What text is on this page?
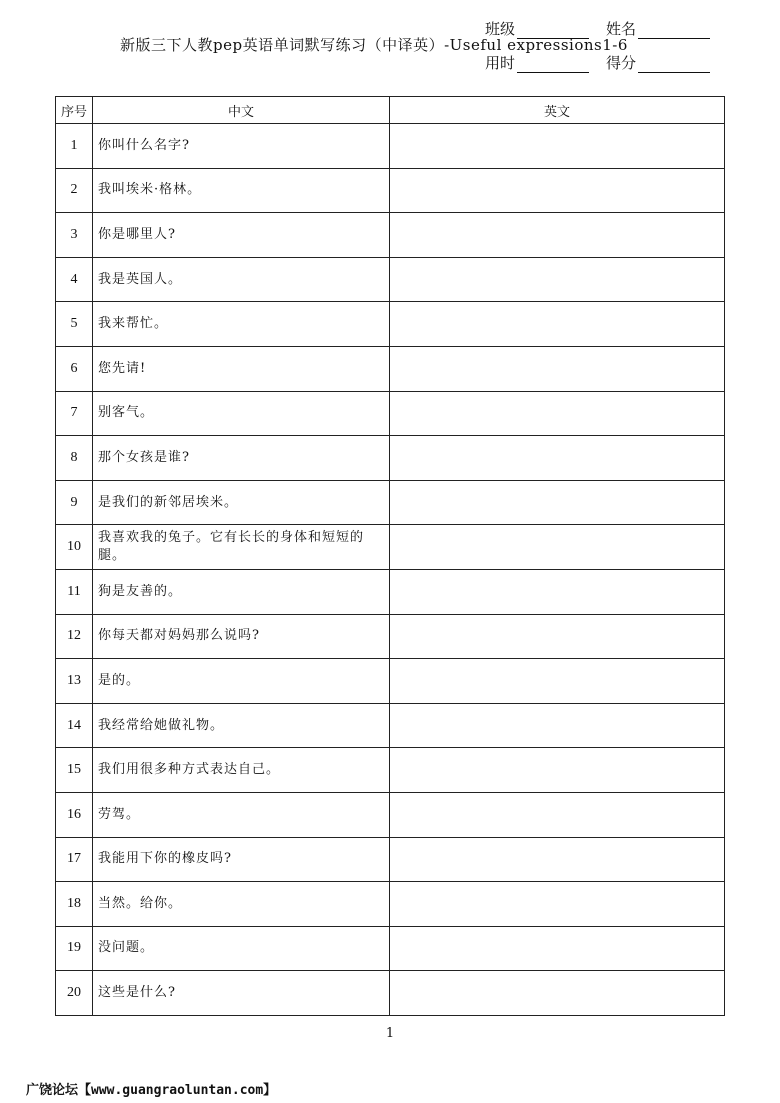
新版三下人教pep英语单词默写练习（中译英）-Useful expressions1-6
班级	姓名
用时	得分
序号	中文	英文
1	你叫什么名字?	
2	我叫埃米·格林。	
3	你是哪里人?	
4	我是英国人。	
5	我来帮忙。	
6	您先请!	
7	别客气。	
8	那个女孩是谁?	
9	是我们的新邻居埃米。	
10	我喜欢我的兔子。它有长长的身体和短短的腿。	
11	狗是友善的。	
12	你每天都对妈妈那么说吗?	
13	是的。	
14	我经常给她做礼物。	
15	我们用很多种方式表达自己。	
16	劳驾。	
17	我能用下你的橡皮吗?	
18	当然。给你。	
19	没问题。	
20	这些是什么?	
1
广饶论坛【www.guangraoluntan.com】
